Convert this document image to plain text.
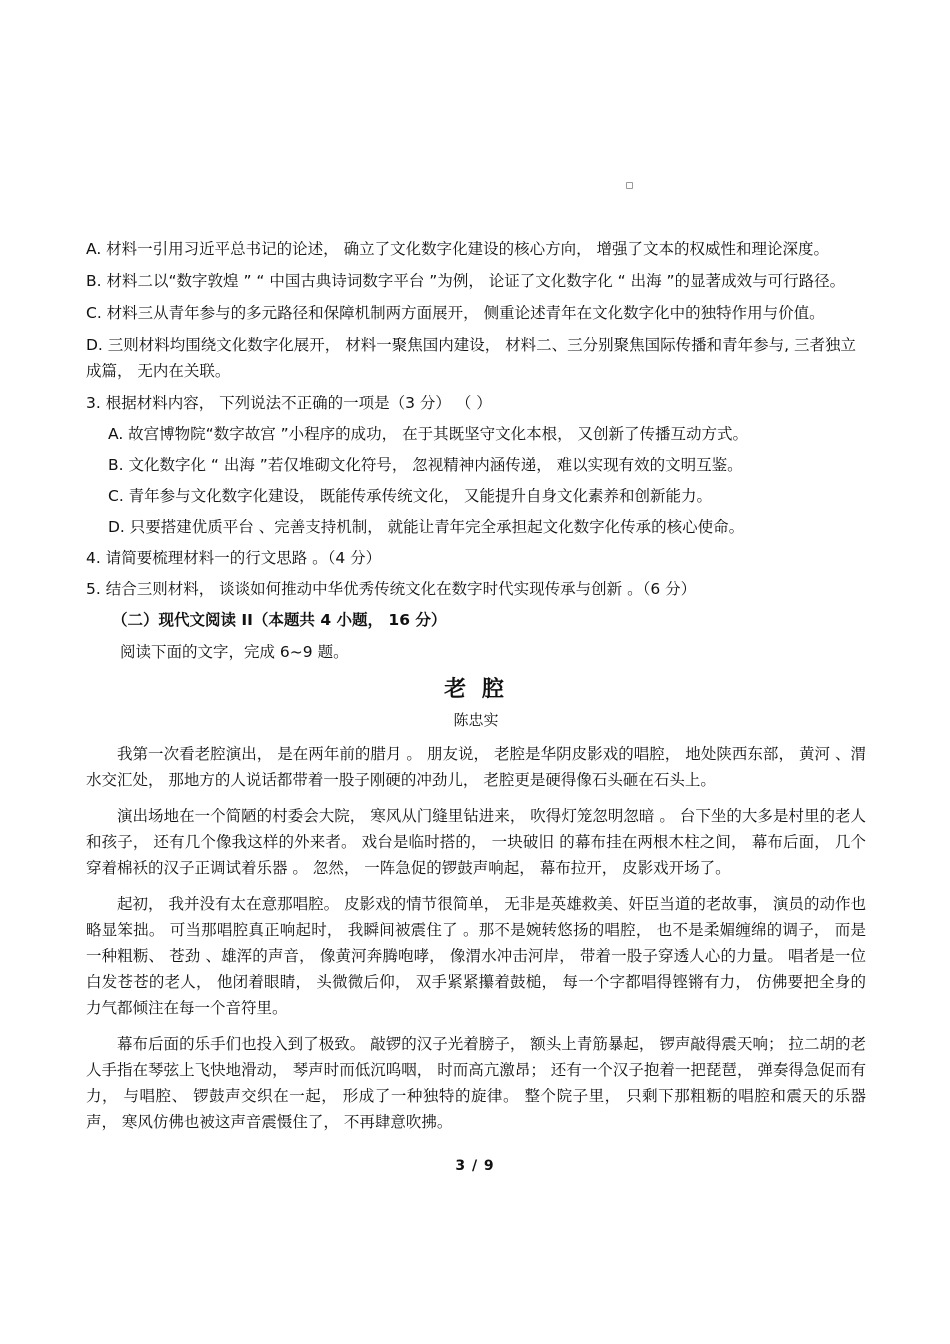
A. 材料一引用习近平总书记的论述， 确立了文化数字化建设的核心方向， 增强了文本的权威性和理论深度。

B. 材料二以“数字敦煌 ” “ 中国古典诗词数字平台 ”为例， 论证了文化数字化 “ 出海 ”的显著成效与可行路径。

C. 材料三从青年参与的多元路径和保障机制两方面展开， 侧重论述青年在文化数字化中的独特作用与价值。

D. 三则材料均围绕文化数字化展开， 材料一聚焦国内建设， 材料二、三分别聚焦国际传播和青年参与, 三者独立成篇， 无内在关联。

3. 根据材料内容， 下列说法不正确的一项是（3 分） （ ）

A. 故宫博物院“数字故宫 ”小程序的成功， 在于其既坚守文化本根， 又创新了传播互动方式。

B. 文化数字化 “ 出海 ”若仅堆砌文化符号， 忽视精神内涵传递， 难以实现有效的文明互鉴。

C. 青年参与文化数字化建设， 既能传承传统文化， 又能提升自身文化素养和创新能力。

D. 只要搭建优质平台 、完善支持机制， 就能让青年完全承担起文化数字化传承的核心使命。

4. 请简要梳理材料一的行文思路 。（4 分）

5. 结合三则材料， 谈谈如何推动中华优秀传统文化在数字时代实现传承与创新 。（6 分）

（二）现代文阅读 II（本题共 4 小题， 16 分）

阅读下面的文字，完成 6~9 题。

老 腔

陈忠实

我第一次看老腔演出， 是在两年前的腊月 。 朋友说， 老腔是华阴皮影戏的唱腔， 地处陕西东部， 黄河 、渭水交汇处， 那地方的人说话都带着一股子刚硬的冲劲儿， 老腔更是硬得像石头砸在石头上。

演出场地在一个简陋的村委会大院， 寒风从门缝里钻进来， 吹得灯笼忽明忽暗 。 台下坐的大多是村里的老人和孩子， 还有几个像我这样的外来者。 戏台是临时搭的， 一块破旧 的幕布挂在两根木柱之间， 幕布后面， 几个穿着棉袄的汉子正调试着乐器 。 忽然， 一阵急促的锣鼓声响起， 幕布拉开， 皮影戏开场了。

起初， 我并没有太在意那唱腔。 皮影戏的情节很简单， 无非是英雄救美、奸臣当道的老故事， 演员的动作也略显笨拙。 可当那唱腔真正响起时， 我瞬间被震住了 。那不是婉转悠扬的唱腔， 也不是柔媚缠绵的调子， 而是一种粗粝、 苍劲 、雄浑的声音， 像黄河奔腾咆哮， 像渭水冲击河岸， 带着一股子穿透人心的力量。 唱者是一位白发苍苍的老人， 他闭着眼睛， 头微微后仰， 双手紧紧攥着鼓槌， 每一个字都唱得铿锵有力， 仿佛要把全身的力气都倾注在每一个音符里。

幕布后面的乐手们也投入到了极致。 敲锣的汉子光着膀子， 额头上青筋暴起， 锣声敲得震天响； 拉二胡的老人手指在琴弦上飞快地滑动， 琴声时而低沉呜咽， 时而高亢激昂； 还有一个汉子抱着一把琵琶， 弹奏得急促而有力， 与唱腔、 锣鼓声交织在一起， 形成了一种独特的旋律。 整个院子里， 只剩下那粗粝的唱腔和震天的乐器声， 寒风仿佛也被这声音震慑住了， 不再肆意吹拂。

3 / 9
